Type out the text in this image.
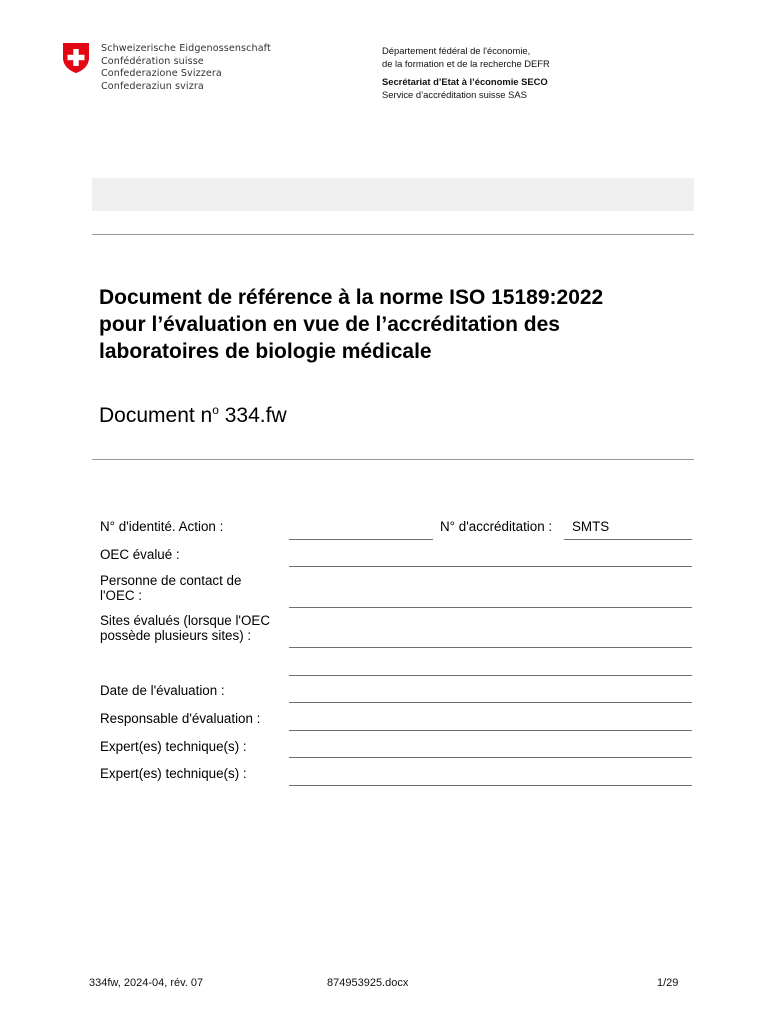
Schweizerische Eidgenossenschaft
Confédération suisse
Confederazione Svizzera
Confederaziun svizra
Département fédéral de l'économie,
de la formation et de la recherche DEFR
Secrétariat d’Etat à l’économie SECO
Service d’accréditation suisse SAS
Document de référence à la norme ISO 15189:2022
pour l’évaluation en vue de l’accréditation des
laboratoires de biologie médicale
Document $n^o$ 334.fw
N° d'identité. Action :	N° d'accréditation : SMTS
OEC évalué :
Personne de contact de
l'OEC :
Sites évalués (lorsque l'OEC
possède plusieurs sites) :
Date de l'évaluation :
Responsable d'évaluation :
Expert(es) technique(s) :
Expert(es) technique(s) :
334fw, 2024-04, rév. 07	874953925.docx	1/29
